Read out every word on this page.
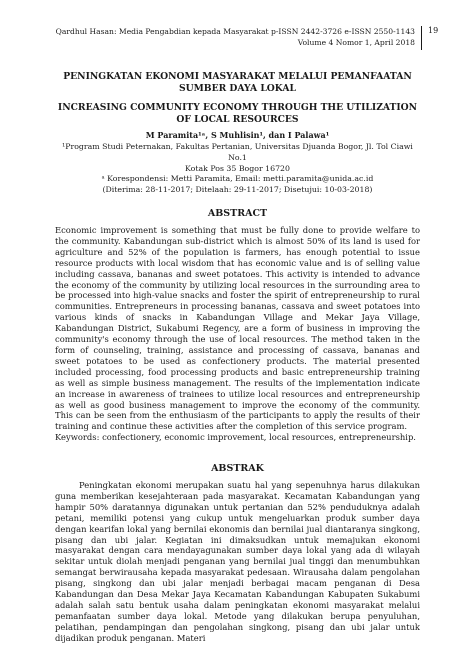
Qardhul Hasan: Media Pengabdian kepada Masyarakat p-ISSN 2442-3726 e-ISSN 2550-1143
Volume 4 Nomor 1, April 2018
19

PENINGKATAN EKONOMI MASYARAKAT MELALUI PEMANFAATAN SUMBER DAYA LOKAL

INCREASING COMMUNITY ECONOMY THROUGH THE UTILIZATION OF LOCAL RESOURCES

M Paramita¹ᵃ, S Muhlisin¹, dan I Palawa¹
¹Program Studi Peternakan, Fakultas Pertanian, Universitas Djuanda Bogor, Jl. Tol Ciawi No.1
Kotak Pos 35 Bogor 16720
ᵃ Korespondensi: Metti Paramita, Email: metti.paramita@unida.ac.id
(Diterima: 28-11-2017; Ditelaah: 29-11-2017; Disetujui: 10-03-2018)
ABSTRACT

Economic improvement is something that must be fully done to provide welfare to the community. Kabandungan sub-district which is almost 50% of its land is used for agriculture and 52% of the population is farmers, has enough potential to issue resource products with local wisdom that has economic value and is of selling value including cassava, bananas and sweet potatoes. This activity is intended to advance the economy of the community by utilizing local resources in the surrounding area to be processed into high-value snacks and foster the spirit of entrepreneurship to rural communities. Entrepreneurs in processing bananas, cassava and sweet potatoes into various kinds of snacks in Kabandungan Village and Mekar Jaya Village, Kabandungan District, Sukabumi Regency, are a form of business in improving the community's economy through the use of local resources. The method taken in the form of counseling, training, assistance and processing of cassava, bananas and sweet potatoes to be used as confectionery products. The material presented included processing, food processing products and basic entrepreneurship training as well as simple business management. The results of the implementation indicate an increase in awareness of trainees to utilize local resources and entrepreneurship as well as good business management to improve the economy of the community. This can be seen from the enthusiasm of the participants to apply the results of their training and continue these activities after the completion of this service program.

Keywords: confectionery, economic improvement, local resources, entrepreneurship.
ABSTRAK

Peningkatan ekonomi merupakan suatu hal yang sepenuhnya harus dilakukan guna memberikan kesejahteraan pada masyarakat. Kecamatan Kabandungan yang hampir 50% daratannya digunakan untuk pertanian dan 52% penduduknya adalah petani, memiliki potensi yang cukup untuk mengeluarkan produk sumber daya dengan kearifan lokal yang bernilai ekonomis dan bernilai jual diantaranya singkong, pisang dan ubi jalar. Kegiatan ini dimaksudkan untuk memajukan ekonomi masyarakat dengan cara mendayagunakan sumber daya lokal yang ada di wilayah sekitar untuk diolah menjadi penganan yang bernilai jual tinggi dan menumbuhkan semangat berwirausaha kepada masyarakat pedesaan. Wirausaha dalam pengolahan pisang, singkong dan ubi jalar menjadi berbagai macam penganan di Desa Kabandungan dan Desa Mekar Jaya Kecamatan Kabandungan Kabupaten Sukabumi adalah salah satu bentuk usaha dalam peningkatan ekonomi masyarakat melalui pemanfaatan sumber daya lokal. Metode yang dilakukan berupa penyuluhan, pelatihan, pendampingan dan pengolahan singkong, pisang dan ubi jalar untuk dijadikan produk penganan. Materi
